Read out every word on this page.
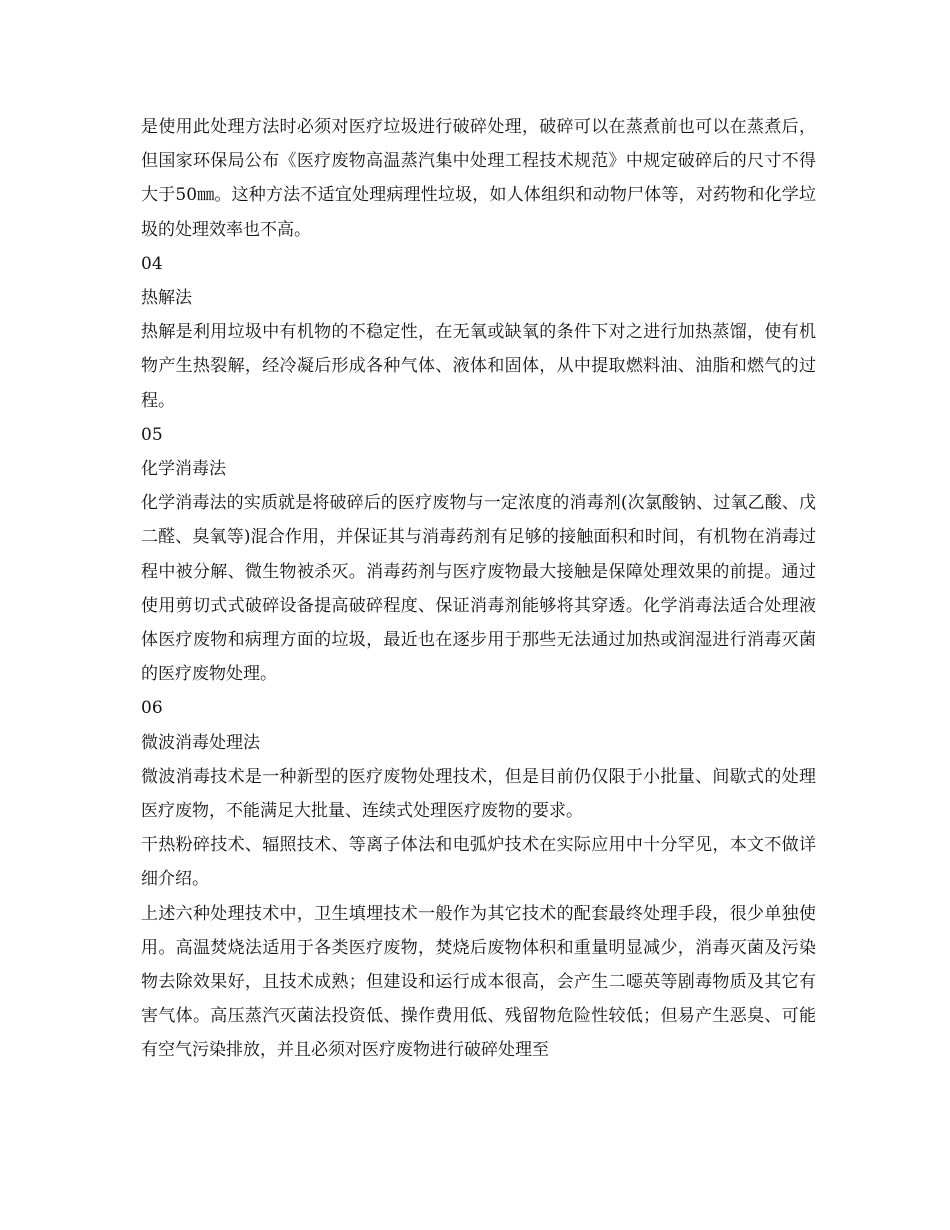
是使用此处理方法时必须对医疗垃圾进行破碎处理，破碎可以在蒸煮前也可以在蒸煮后，但国家环保局公布《医疗废物高温蒸汽集中处理工程技术规范》中规定破碎后的尺寸不得大于50㎜。这种方法不适宜处理病理性垃圾，如人体组织和动物尸体等，对药物和化学垃圾的处理效率也不高。

04

热解法

热解是利用垃圾中有机物的不稳定性，在无氧或缺氧的条件下对之进行加热蒸馏，使有机物产生热裂解，经冷凝后形成各种气体、液体和固体，从中提取燃料油、油脂和燃气的过程。

05

化学消毒法

化学消毒法的实质就是将破碎后的医疗废物与一定浓度的消毒剂(次氯酸钠、过氧乙酸、戊二醛、臭氧等)混合作用，并保证其与消毒药剂有足够的接触面积和时间，有机物在消毒过程中被分解、微生物被杀灭。消毒药剂与医疗废物最大接触是保障处理效果的前提。通过使用剪切式式破碎设备提高破碎程度、保证消毒剂能够将其穿透。化学消毒法适合处理液体医疗废物和病理方面的垃圾，最近也在逐步用于那些无法通过加热或润湿进行消毒灭菌的医疗废物处理。

06

微波消毒处理法

微波消毒技术是一种新型的医疗废物处理技术，但是目前仍仅限于小批量、间歇式的处理医疗废物，不能满足大批量、连续式处理医疗废物的要求。

干热粉碎技术、辐照技术、等离子体法和电弧炉技术在实际应用中十分罕见，本文不做详细介绍。

上述六种处理技术中，卫生填埋技术一般作为其它技术的配套最终处理手段，很少单独使用。高温焚烧法适用于各类医疗废物，焚烧后废物体积和重量明显减少，消毒灭菌及污染物去除效果好，且技术成熟；但建设和运行成本很高，会产生二噁英等剧毒物质及其它有害气体。高压蒸汽灭菌法投资低、操作费用低、残留物危险性较低；但易产生恶臭、可能有空气污染排放，并且必须对医疗废物进行破碎处理至
